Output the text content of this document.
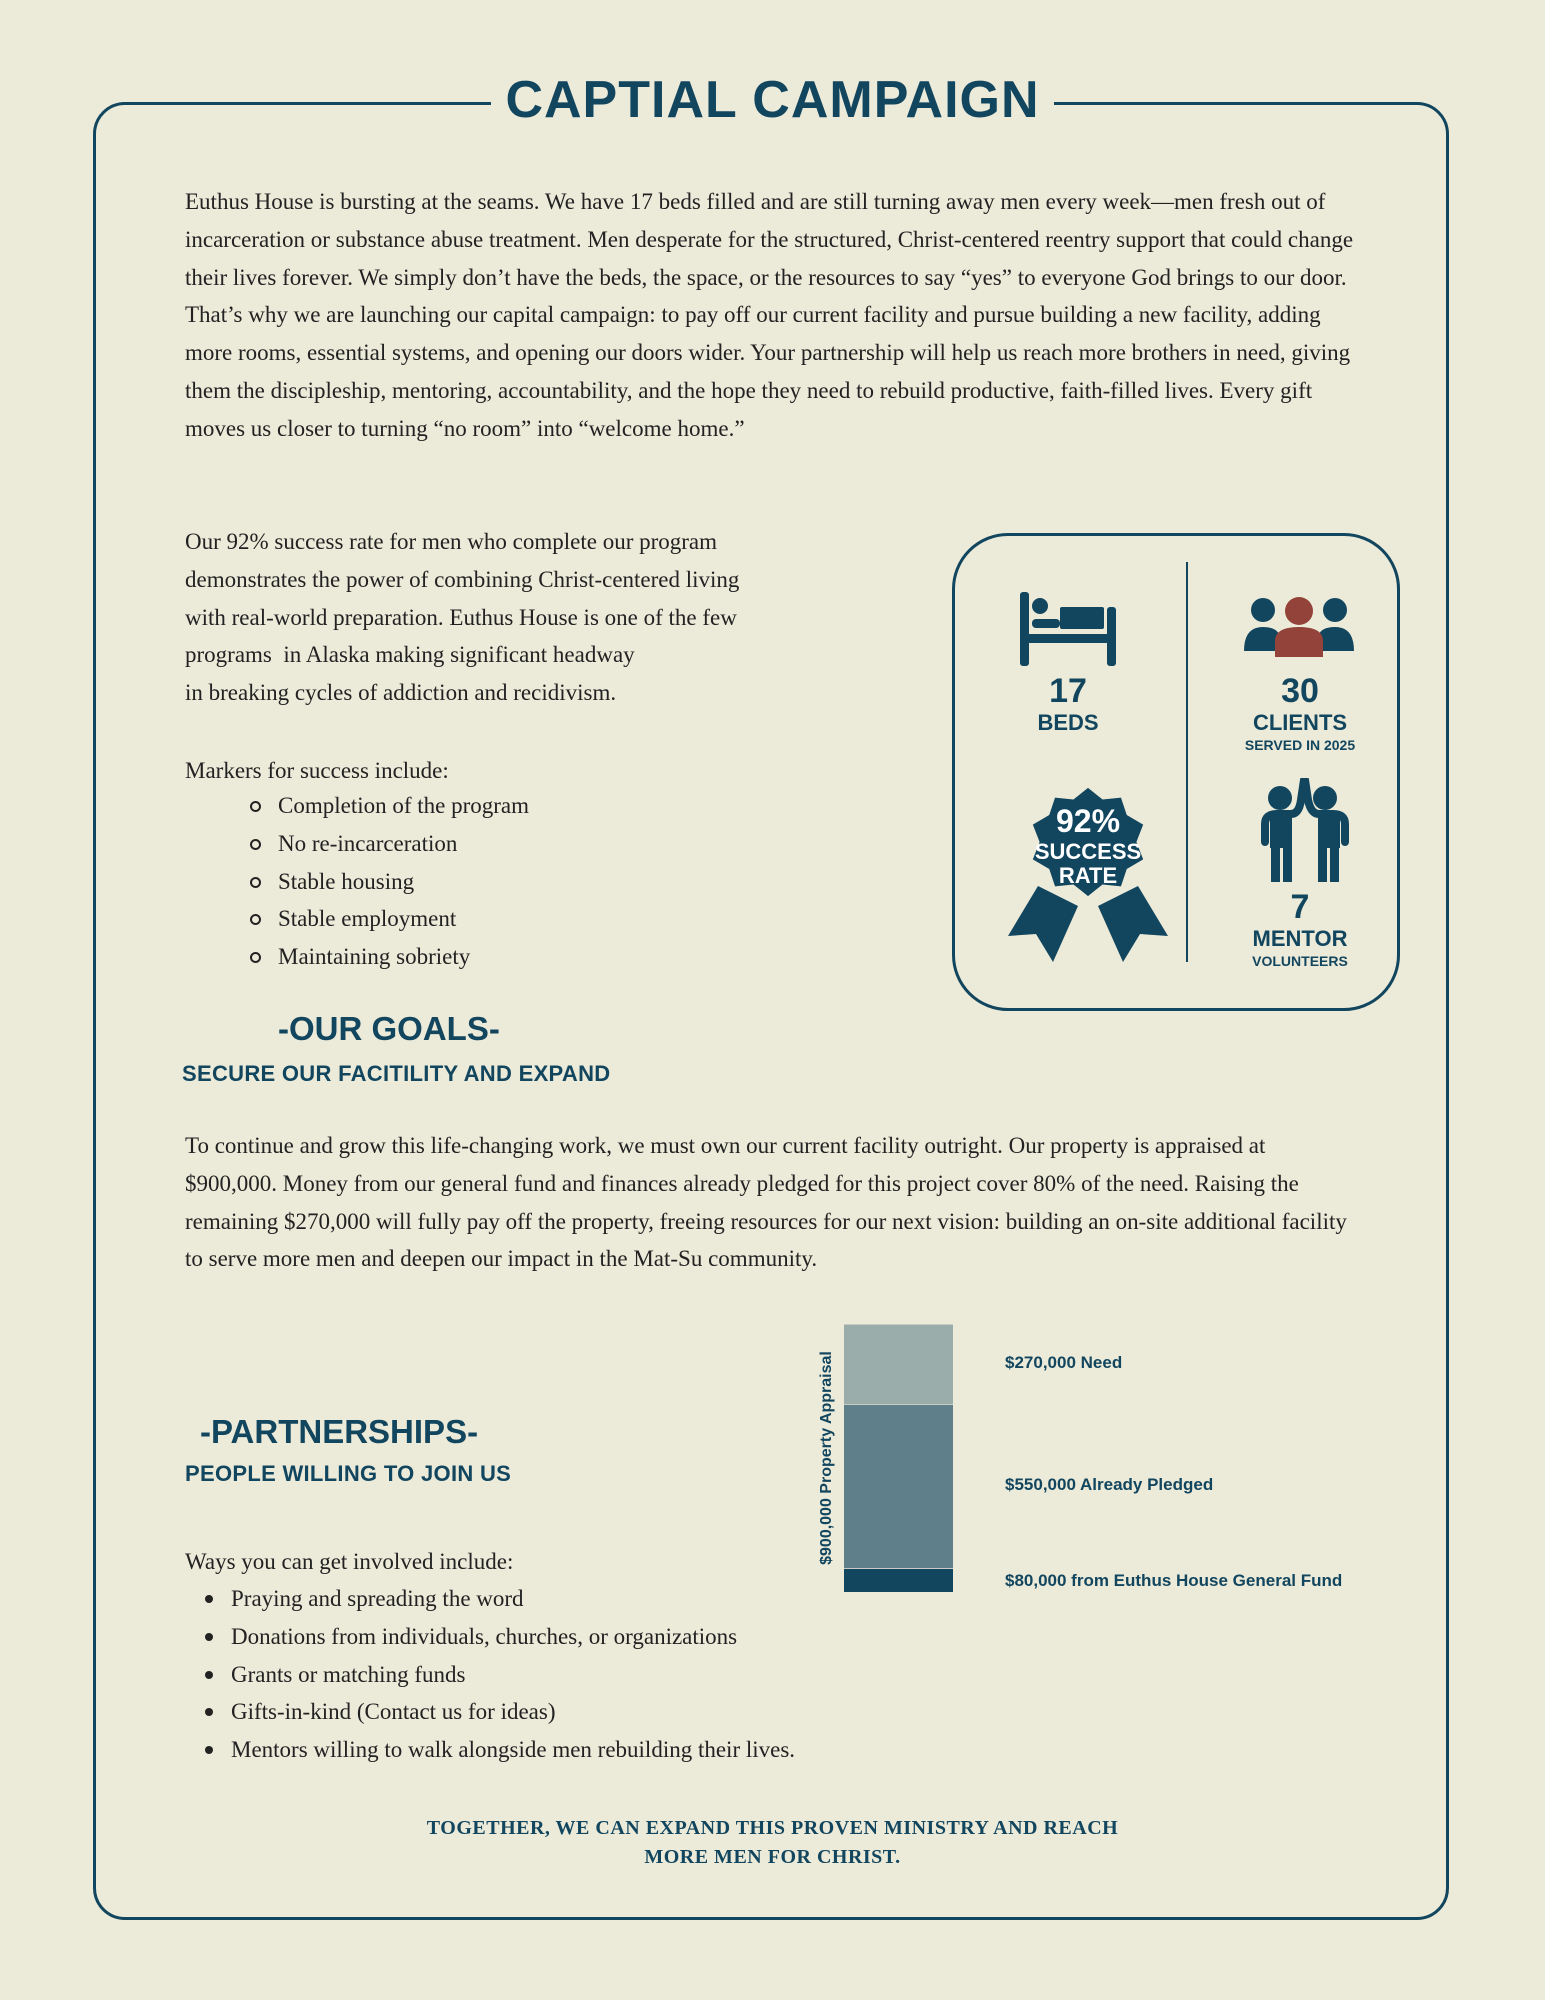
CAPTIAL CAMPAIGN

Euthus House is bursting at the seams. We have 17 beds filled and are still turning away men every week—men fresh out of incarceration or substance abuse treatment. Men desperate for the structured, Christ-centered reentry support that could change their lives forever. We simply don’t have the beds, the space, or the resources to say “yes” to everyone God brings to our door. That’s why we are launching our capital campaign: to pay off our current facility and pursue building a new facility, adding more rooms, essential systems, and opening our doors wider. Your partnership will help us reach more brothers in need, giving them the discipleship, mentoring, accountability, and the hope they need to rebuild productive, faith-filled lives. Every gift moves us closer to turning “no room” into “welcome home.”

Our 92% success rate for men who complete our program
demonstrates the power of combining Christ-centered living
with real-world preparation. Euthus House is one of the few
programs  in Alaska making significant headway
in breaking cycles of addiction and recidivism.
Markers for success include:
Completion of the program
No re-incarceration
Stable housing
Stable employment
Maintaining sobriety
17
BEDS
30
CLIENTS
SERVED IN 2025
92%
SUCCESS
RATE
7
MENTOR
VOLUNTEERS
-OUR GOALS-
SECURE OUR FACITILITY AND EXPAND

To continue and grow this life-changing work, we must own our current facility outright. Our property is appraised at $900,000. Money from our general fund and finances already pledged for this project cover 80% of the need. Raising the remaining $270,000 will fully pay off the property, freeing resources for our next vision: building an on-site additional facility to serve more men and deepen our impact in the Mat-Su community.

-PARTNERSHIPS-
PEOPLE WILLING TO JOIN US
Ways you can get involved include:
Praying and spreading the word
Donations from individuals, churches, or organizations
Grants or matching funds
Gifts-in-kind (Contact us for ideas)
Mentors willing to walk alongside men rebuilding their lives.
$900,000 Property Appraisal
$80,000 from Euthus House General Fund
$550,000 Already Pledged
$270,000 Need
TOGETHER, WE CAN EXPAND THIS PROVEN MINISTRY AND REACH
MORE MEN FOR CHRIST.
